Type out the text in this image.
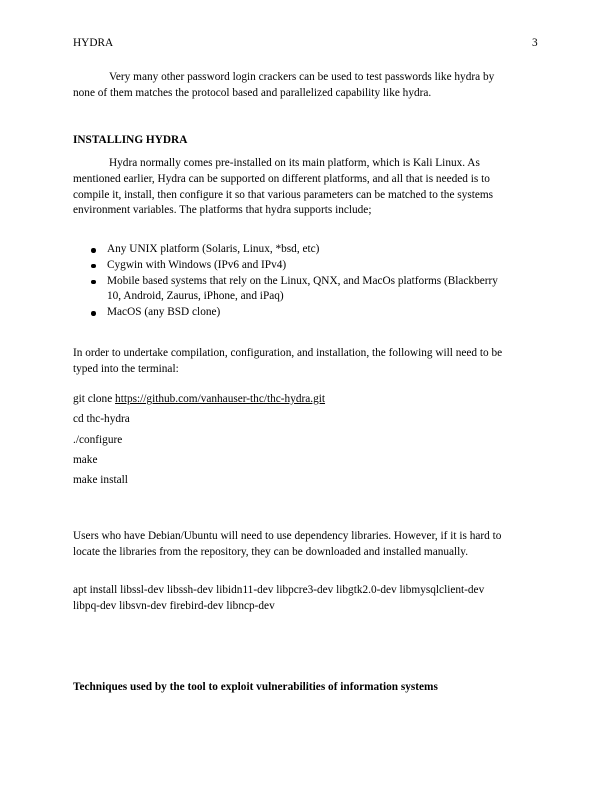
HYDRA	3
Very many other password login crackers can be used to test passwords like hydra by
none of them matches the protocol based and parallelized capability like hydra.
INSTALLING HYDRA
Hydra normally comes pre-installed on its main platform, which is Kali Linux. As
mentioned earlier, Hydra can be supported on different platforms, and all that is needed is to
compile it, install, then configure it so that various parameters can be matched to the systems
environment variables. The platforms that hydra supports include;
Any UNIX platform (Solaris, Linux, *bsd, etc)
Cygwin with Windows (IPv6 and IPv4)
Mobile based systems that rely on the Linux, QNX, and MacOs platforms (Blackberry
10, Android, Zaurus, iPhone, and iPaq)
MacOS (any BSD clone)
In order to undertake compilation, configuration, and installation, the following will need to be
typed into the terminal:
git clone https://github.com/vanhauser-thc/thc-hydra.git
cd thc-hydra
./configure
make
make install
Users who have Debian/Ubuntu will need to use dependency libraries. However, if it is hard to
locate the libraries from the repository, they can be downloaded and installed manually.
apt install libssl-dev libssh-dev libidn11-dev libpcre3-dev libgtk2.0-dev libmysqlclient-dev
libpq-dev libsvn-dev firebird-dev libncp-dev
Techniques used by the tool to exploit vulnerabilities of information systems
